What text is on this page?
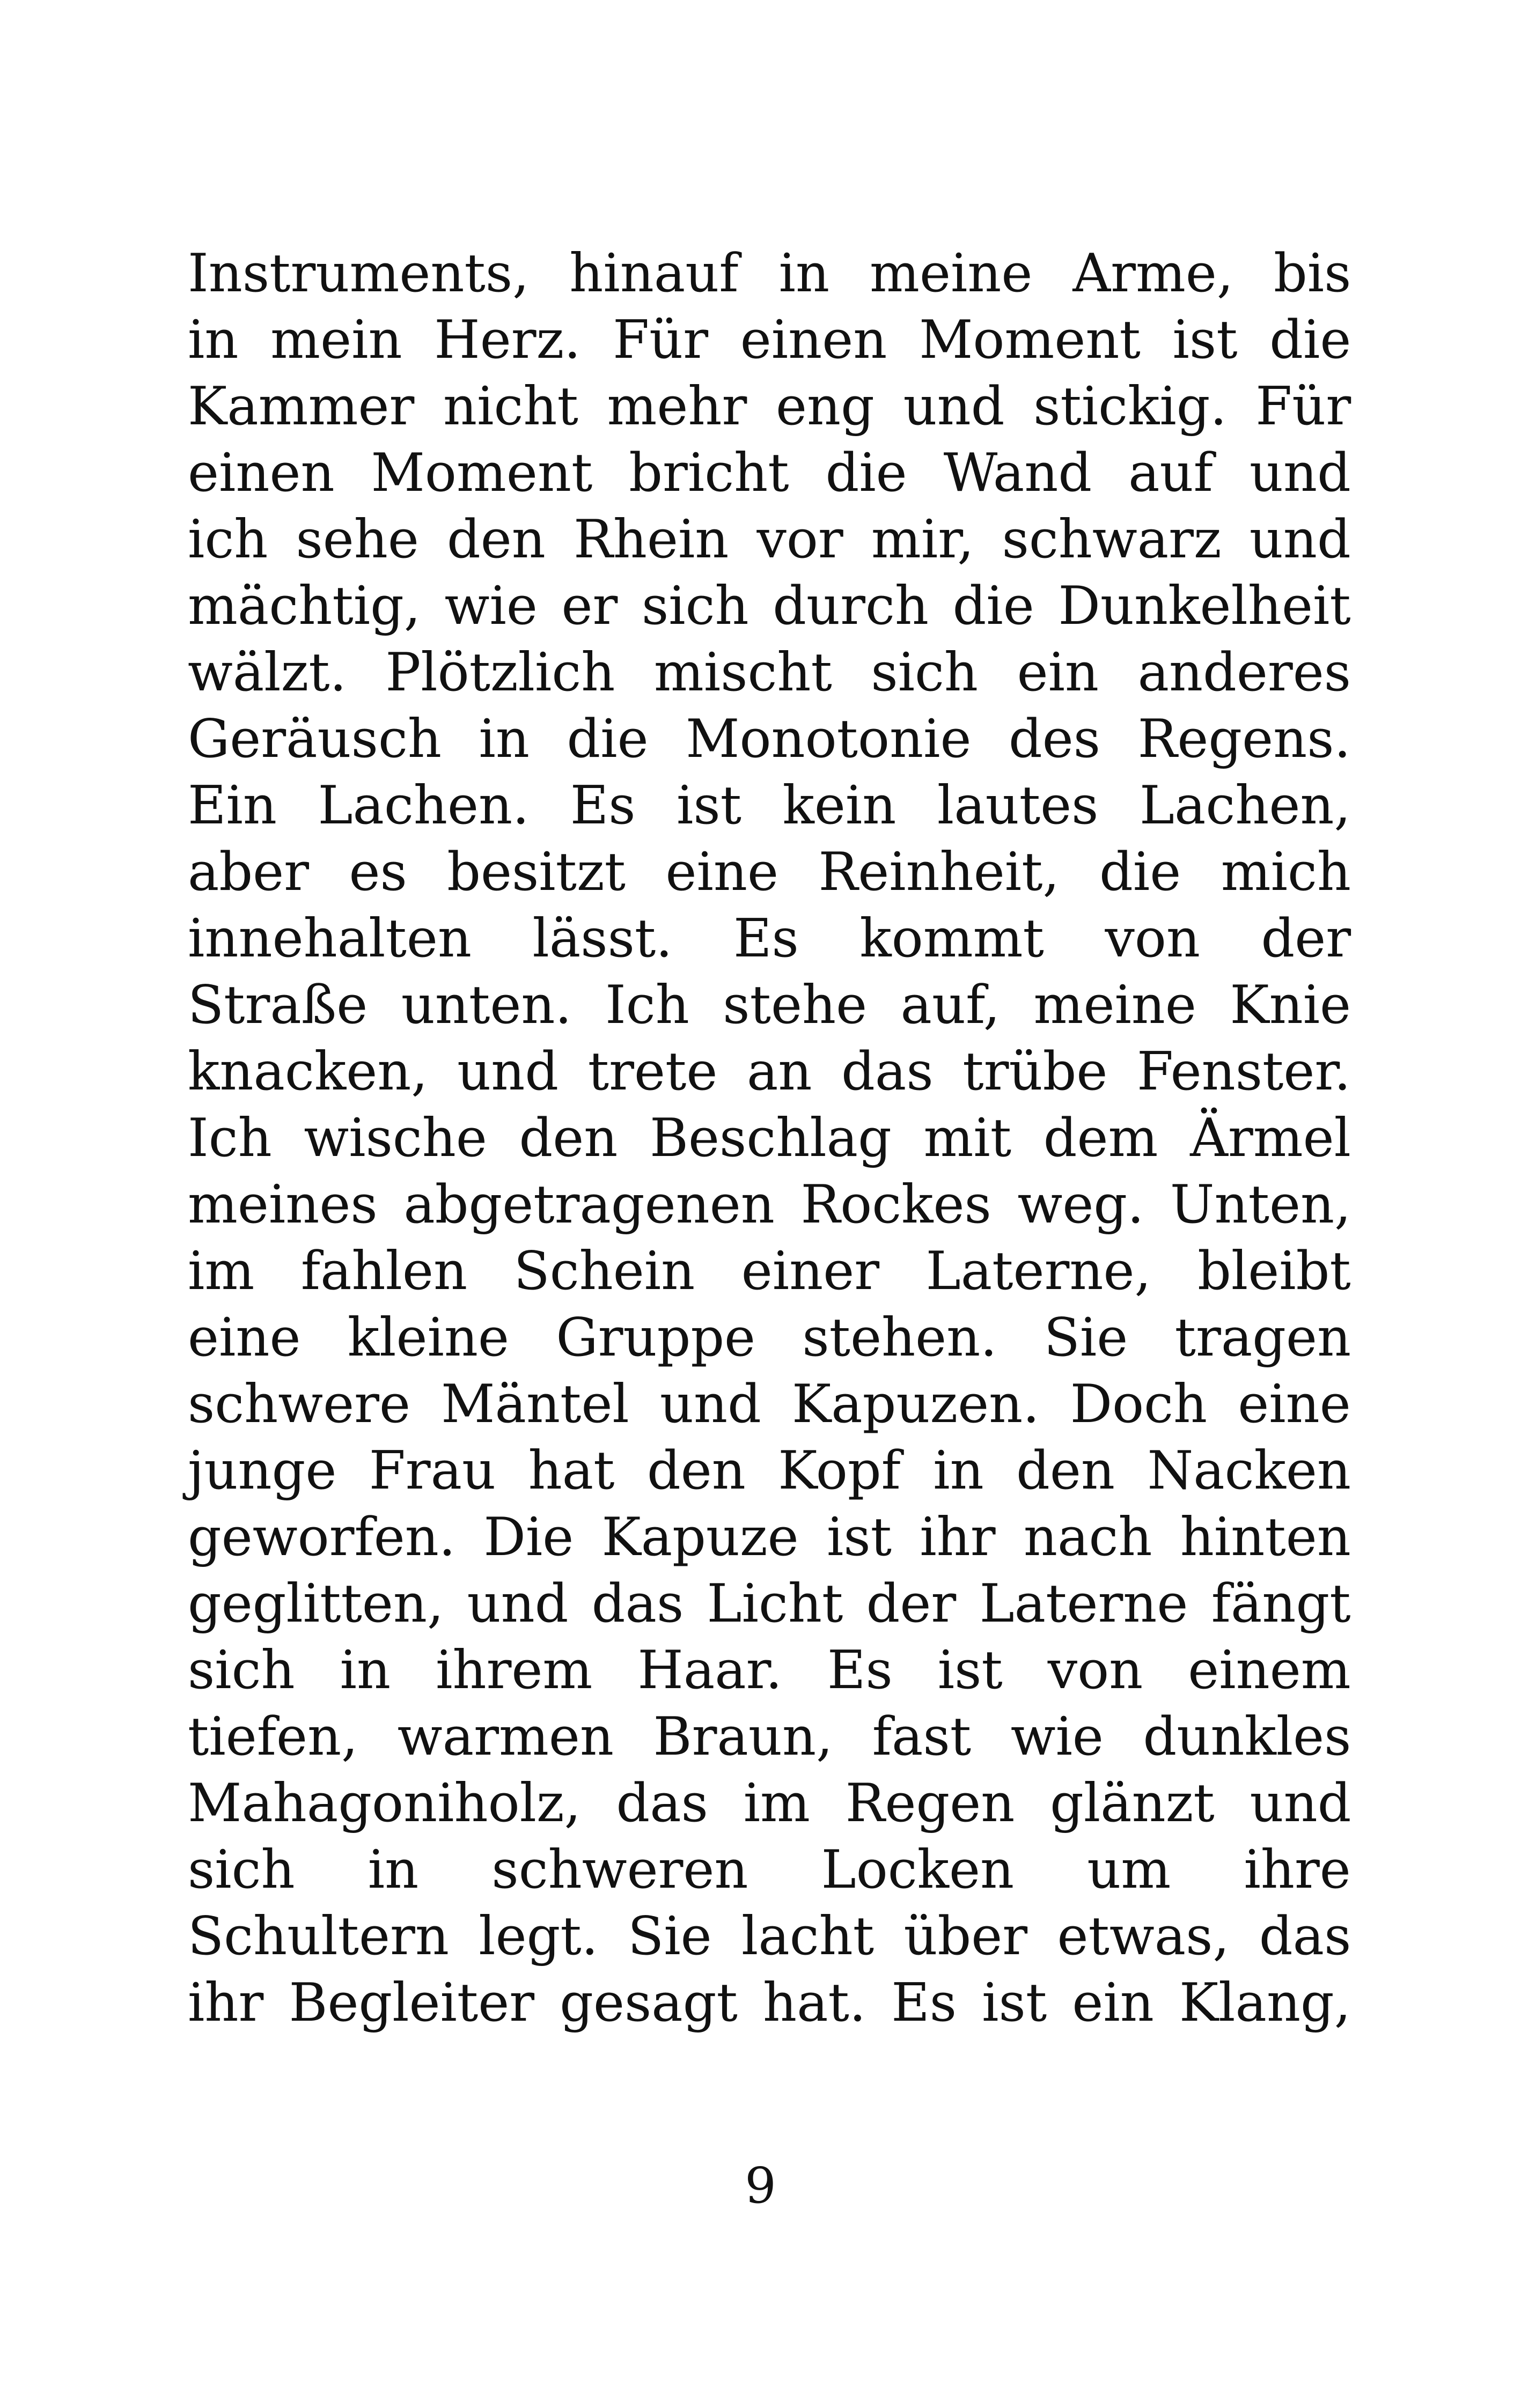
Instruments, hinauf in meine Arme, bis
in mein Herz. Für einen Moment ist die
Kammer nicht mehr eng und stickig. Für
einen Moment bricht die Wand auf und
ich sehe den Rhein vor mir, schwarz und
mächtig, wie er sich durch die Dunkelheit
wälzt. Plötzlich mischt sich ein anderes
Geräusch in die Monotonie des Regens.
Ein Lachen. Es ist kein lautes Lachen,
aber es besitzt eine Reinheit, die mich
innehalten lässt. Es kommt von der
Straße unten. Ich stehe auf, meine Knie
knacken, und trete an das trübe Fenster.
Ich wische den Beschlag mit dem Ärmel
meines abgetragenen Rockes weg. Unten,
im fahlen Schein einer Laterne, bleibt
eine kleine Gruppe stehen. Sie tragen
schwere Mäntel und Kapuzen. Doch eine
junge Frau hat den Kopf in den Nacken
geworfen. Die Kapuze ist ihr nach hinten
geglitten, und das Licht der Laterne fängt
sich in ihrem Haar. Es ist von einem
tiefen, warmen Braun, fast wie dunkles
Mahagoniholz, das im Regen glänzt und
sich in schweren Locken um ihre
Schultern legt. Sie lacht über etwas, das
ihr Begleiter gesagt hat. Es ist ein Klang,
9
